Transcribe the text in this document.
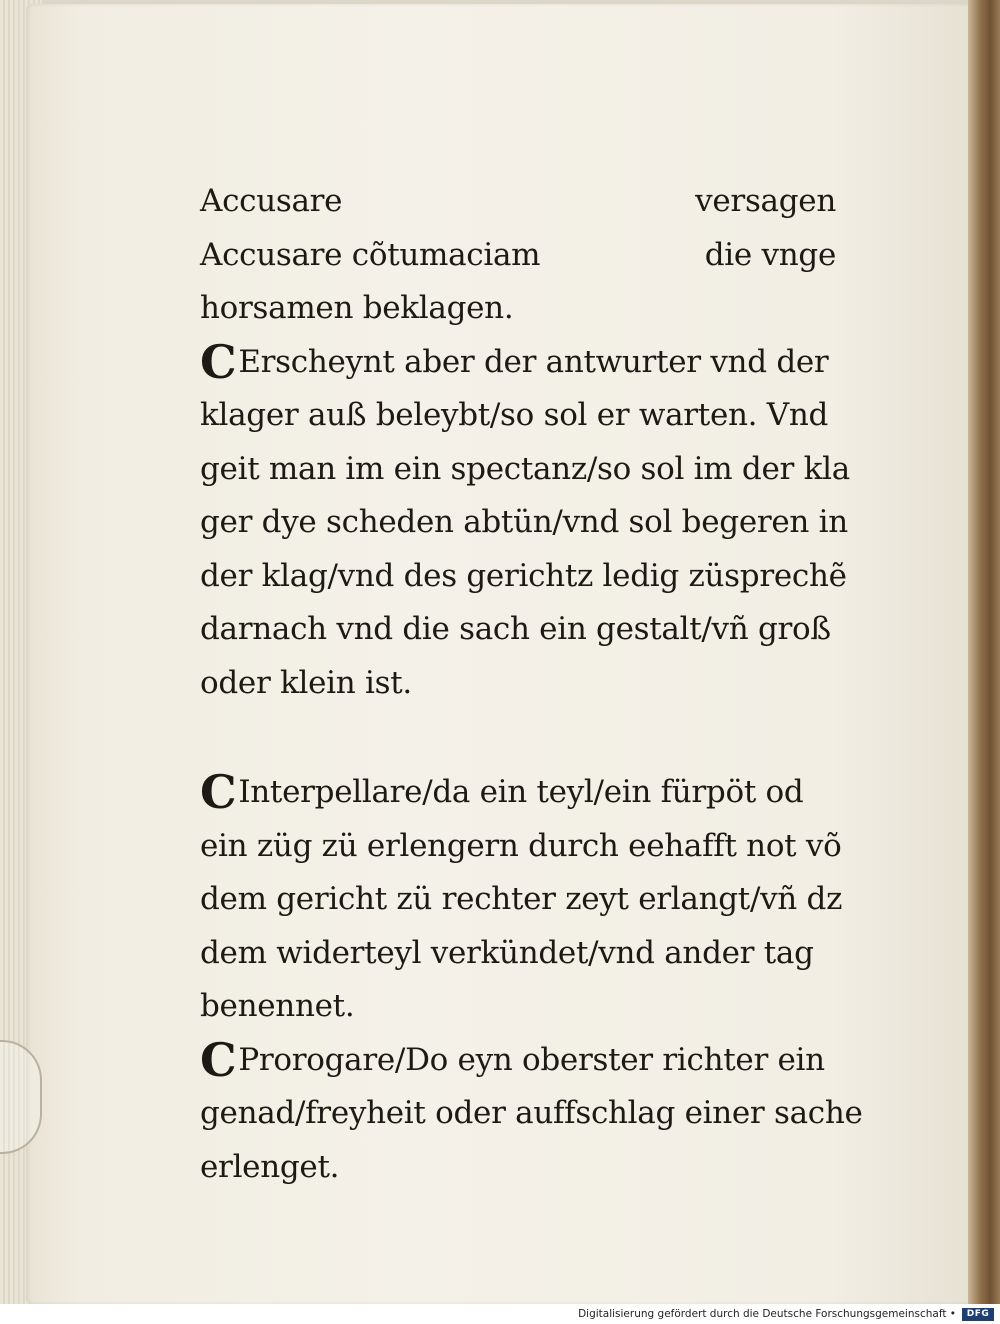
Accusare	versagen
Accusare cõtumaciam	die vnge
horsamen beklagen.
CErscheynt aber der antwurter vnd der
klager auß beleybt/so sol er warten. Vnd
geit man im ein spectanz/so sol im der kla
ger dye scheden abtün/vnd sol begeren in
der klag/vnd des gerichtz ledig züsprechẽ
darnach vnd die sach ein gestalt/vñ groß
oder klein ist.
CInterpellare/da ein teyl/ein fürpöt od
ein züg zü erlengern durch eehafft not võ
dem gericht zü rechter zeyt erlangt/vñ dz
dem widerteyl verkündet/vnd ander tag
benennet.
CProrogare/Do eyn oberster richter ein
genad/freyheit oder auffschlag einer sache
erlenget.
Digitalisierung gefördert durch die Deutsche Forschungsgemeinschaft •	DFG
